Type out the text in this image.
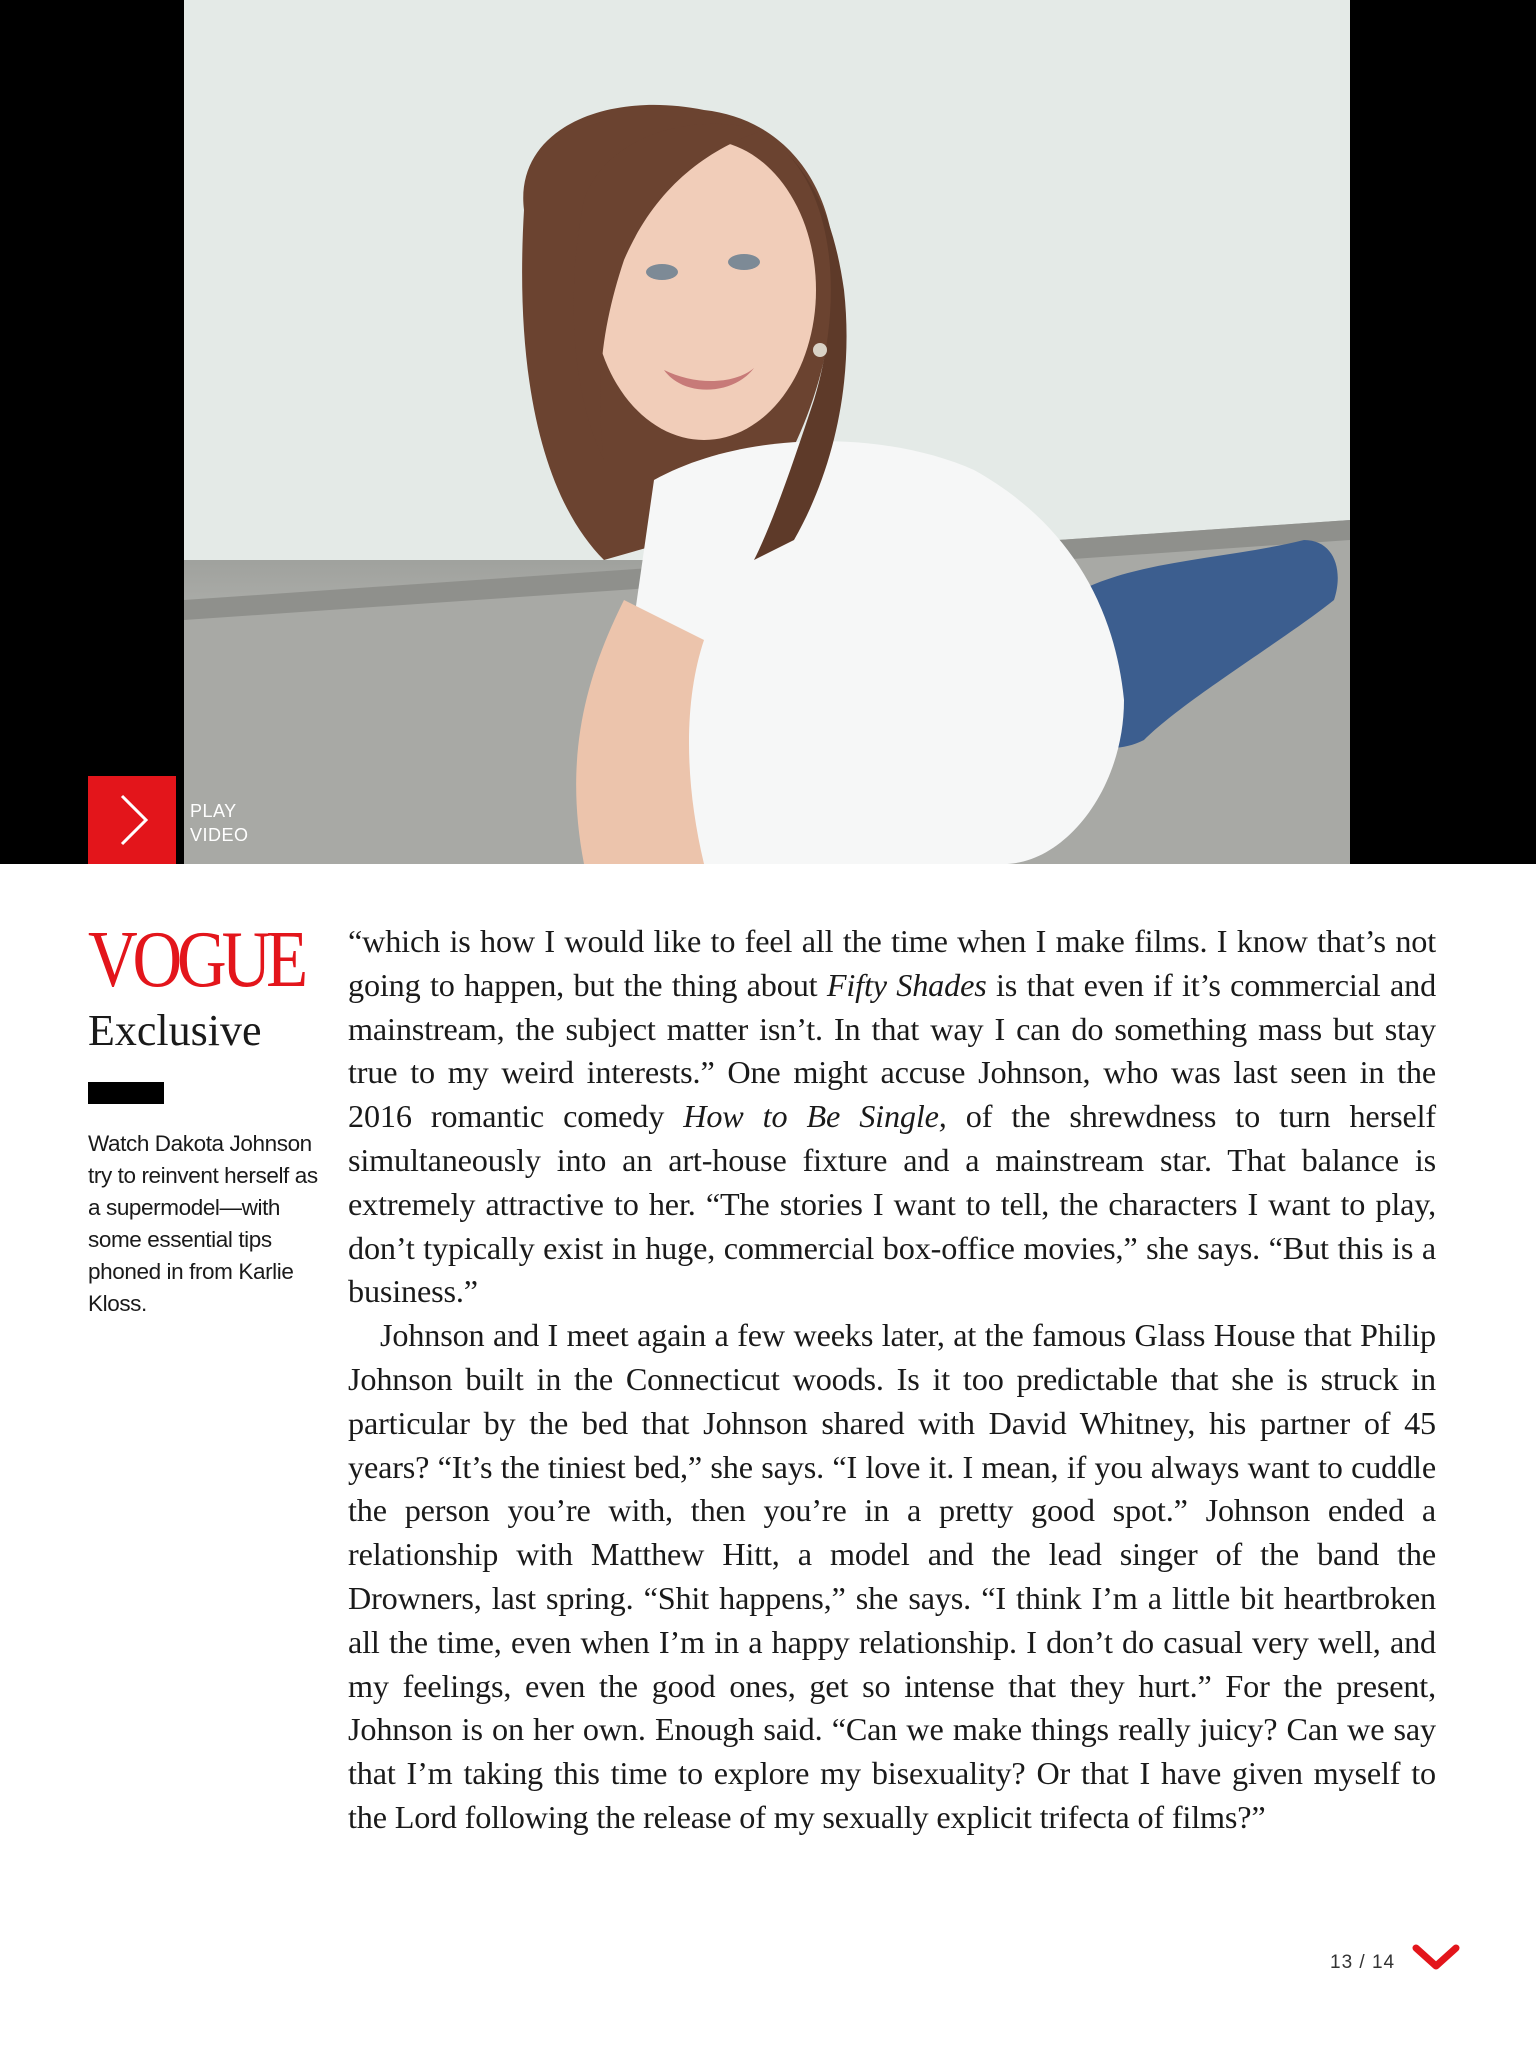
PLAY
VIDEO
VOGUE
Exclusive
Watch Dakota Johnson try to reinvent herself as a supermodel—with some essential tips phoned in from Karlie Kloss.

“which is how I would like to feel all the time when I make films. I know that’s not going to happen, but the thing about Fifty Shades is that even if it’s commercial and mainstream, the subject matter isn’t. In that way I can do something mass but stay true to my weird interests.” One might accuse Johnson, who was last seen in the 2016 romantic comedy How to Be Single, of the shrewdness to turn herself simultaneously into an art-house fixture and a mainstream star. That balance is extremely attractive to her. “The stories I want to tell, the characters I want to play, don’t typically exist in huge, commercial box-office movies,” she says. “But this is a business.”

Johnson and I meet again a few weeks later, at the famous Glass House that Philip Johnson built in the Connecticut woods. Is it too predictable that she is struck in particular by the bed that Johnson shared with David Whitney, his partner of 45 years? “It’s the tiniest bed,” she says. “I love it. I mean, if you always want to cuddle the person you’re with, then you’re in a pretty good spot.” Johnson ended a relationship with Matthew Hitt, a model and the lead singer of the band the Drowners, last spring. “Shit happens,” she says. “I think I’m a little bit heartbroken all the time, even when I’m in a happy relationship. I don’t do casual very well, and my feelings, even the good ones, get so intense that they hurt.” For the present, Johnson is on her own. Enough said. “Can we make things really juicy? Can we say that I’m taking this time to explore my bisexuality? Or that I have given myself to the Lord following the release of my sexually explicit trifecta of films?”

13 / 14
